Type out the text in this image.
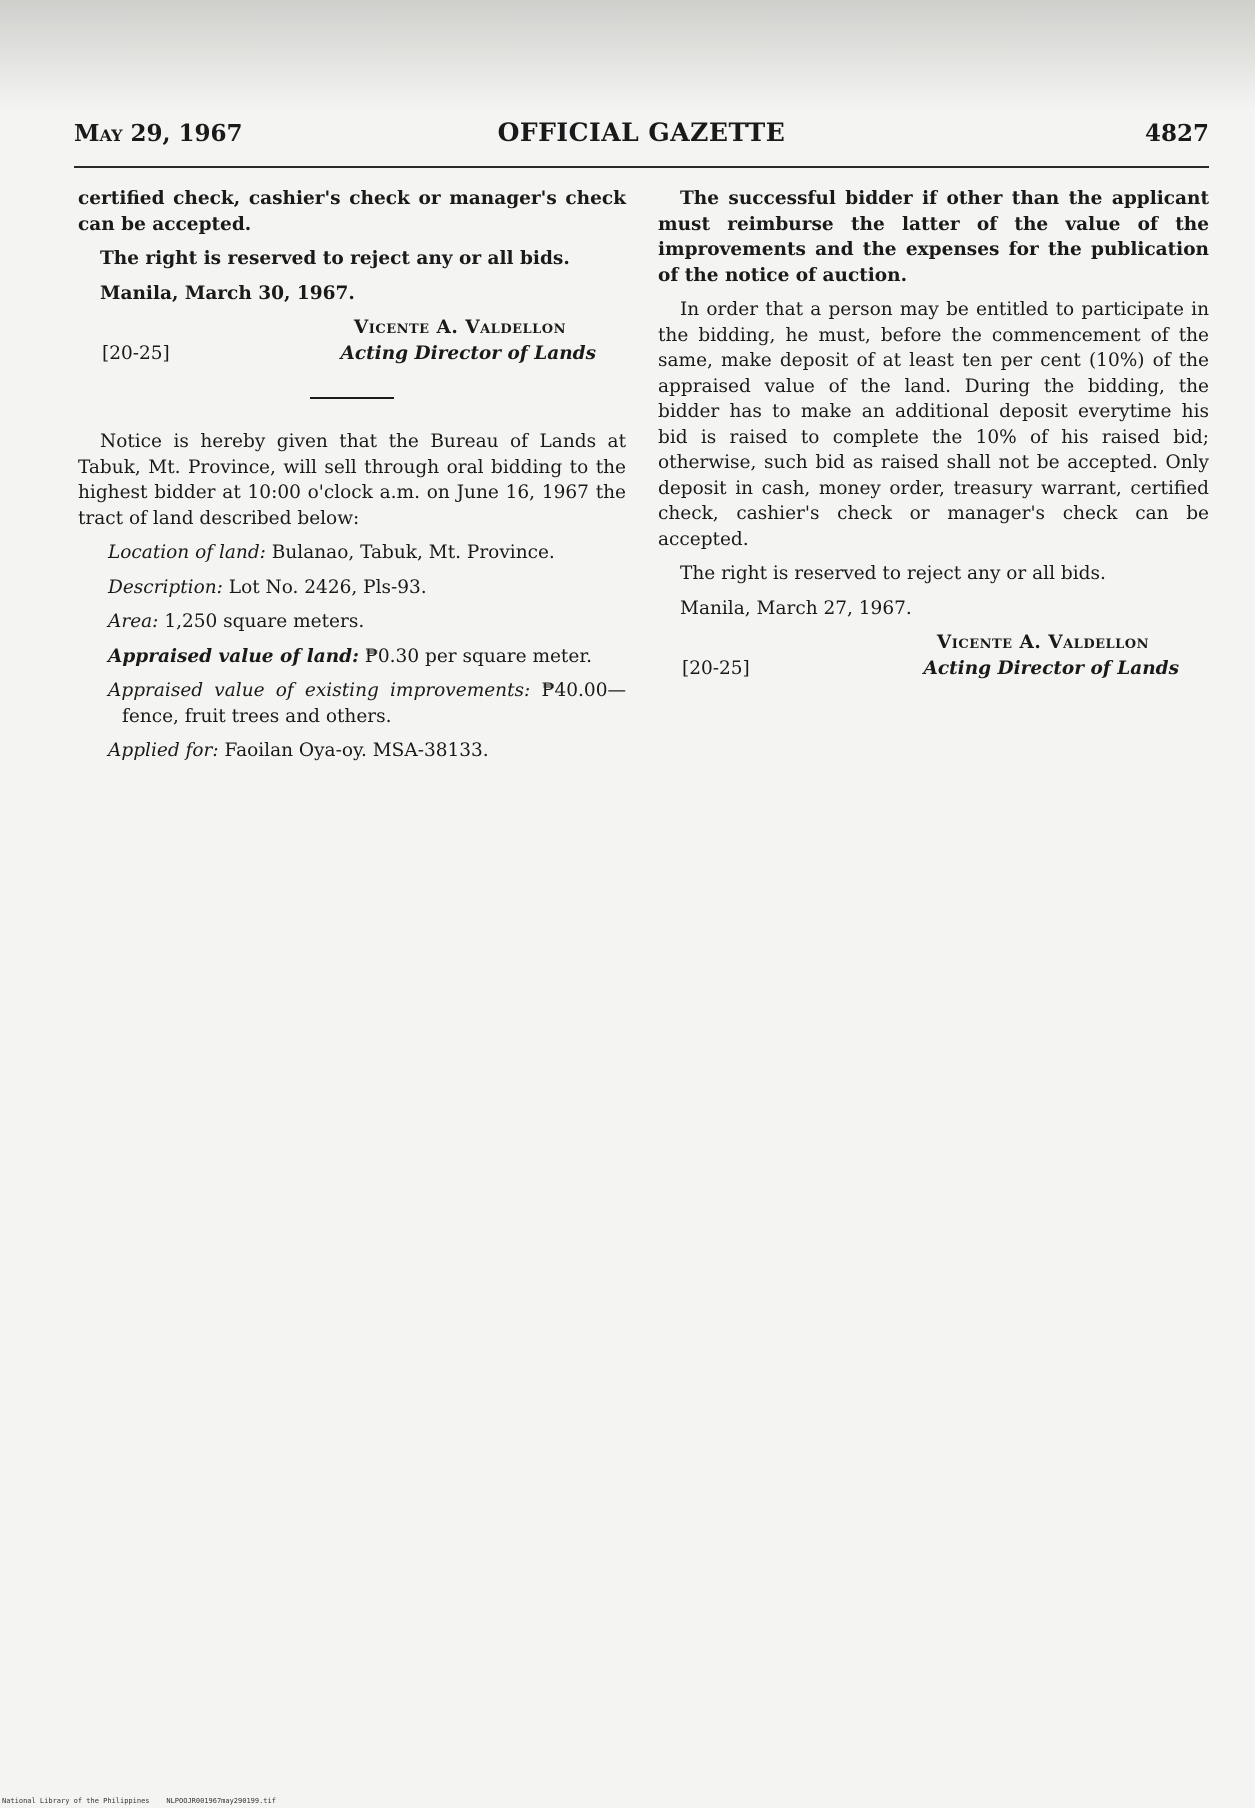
May 29, 1967	OFFICIAL GAZETTE	4827

certified check, cashier's check or manager's check can be accepted.

The right is reserved to reject any or all bids.

Manila, March 30, 1967.

Vicente A. Valdellon
[20-25]	Acting Director of Lands

Notice is hereby given that the Bureau of Lands at Tabuk, Mt. Province, will sell through oral bidding to the highest bidder at 10:00 o'clock a.m. on June 16, 1967 the tract of land described below:

Location of land: Bulanao, Tabuk, Mt. Province.

Description: Lot No. 2426, Pls-93.

Area: 1,250 square meters.

Appraised value of land: ₱0.30 per square meter.

Appraised value of existing improvements: ₱40.00—fence, fruit trees and others.

Applied for: Faoilan Oya-oy. MSA-38133.

The successful bidder if other than the applicant must reimburse the latter of the value of the improvements and the expenses for the publication of the notice of auction.

In order that a person may be entitled to participate in the bidding, he must, before the commencement of the same, make deposit of at least ten per cent (10%) of the appraised value of the land. During the bidding, the bidder has to make an additional deposit everytime his bid is raised to complete the 10% of his raised bid; otherwise, such bid as raised shall not be accepted. Only deposit in cash, money order, treasury warrant, certified check, cashier's check or manager's check can be accepted.

The right is reserved to reject any or all bids.

Manila, March 27, 1967.

Vicente A. Valdellon
[20-25]	Acting Director of Lands
National Library of the Philippines NLPOOJR001967may290199.tif
